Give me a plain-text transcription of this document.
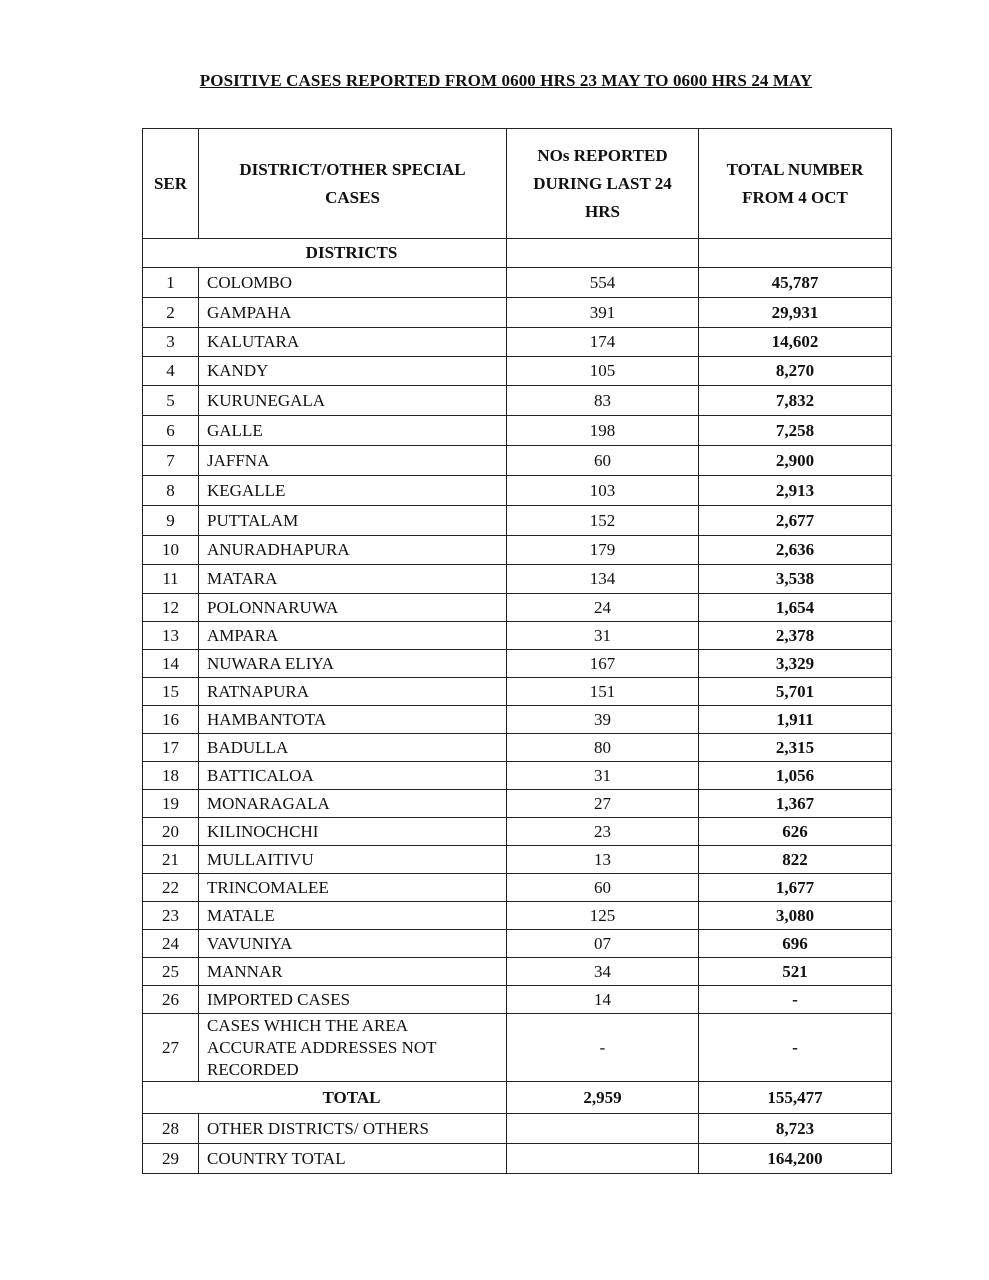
POSITIVE CASES REPORTED FROM 0600 HRS 23 MAY TO 0600 HRS 24 MAY
SER	DISTRICT/OTHER SPECIAL CASES	NOs REPORTED DURING LAST 24 HRS	TOTAL NUMBER FROM 4 OCT
DISTRICTS			
1	COLOMBO	554	45,787
2	GAMPAHA	391	29,931
3	KALUTARA	174	14,602
4	KANDY	105	8,270
5	KURUNEGALA	83	7,832
6	GALLE	198	7,258
7	JAFFNA	60	2,900
8	KEGALLE	103	2,913
9	PUTTALAM	152	2,677
10	ANURADHAPURA	179	2,636
11	MATARA	134	3,538
12	POLONNARUWA	24	1,654
13	AMPARA	31	2,378
14	NUWARA ELIYA	167	3,329
15	RATNAPURA	151	5,701
16	HAMBANTOTA	39	1,911
17	BADULLA	80	2,315
18	BATTICALOA	31	1,056
19	MONARAGALA	27	1,367
20	KILINOCHCHI	23	626
21	MULLAITIVU	13	822
22	TRINCOMALEE	60	1,677
23	MATALE	125	3,080
24	VAVUNIYA	07	696
25	MANNAR	34	521
26	IMPORTED CASES	14	-
27	CASES WHICH THE AREA ACCURATE ADDRESSES NOT RECORDED	-	-
TOTAL		2,959	155,477
28	OTHER DISTRICTS/ OTHERS		8,723
29	COUNTRY TOTAL		164,200
